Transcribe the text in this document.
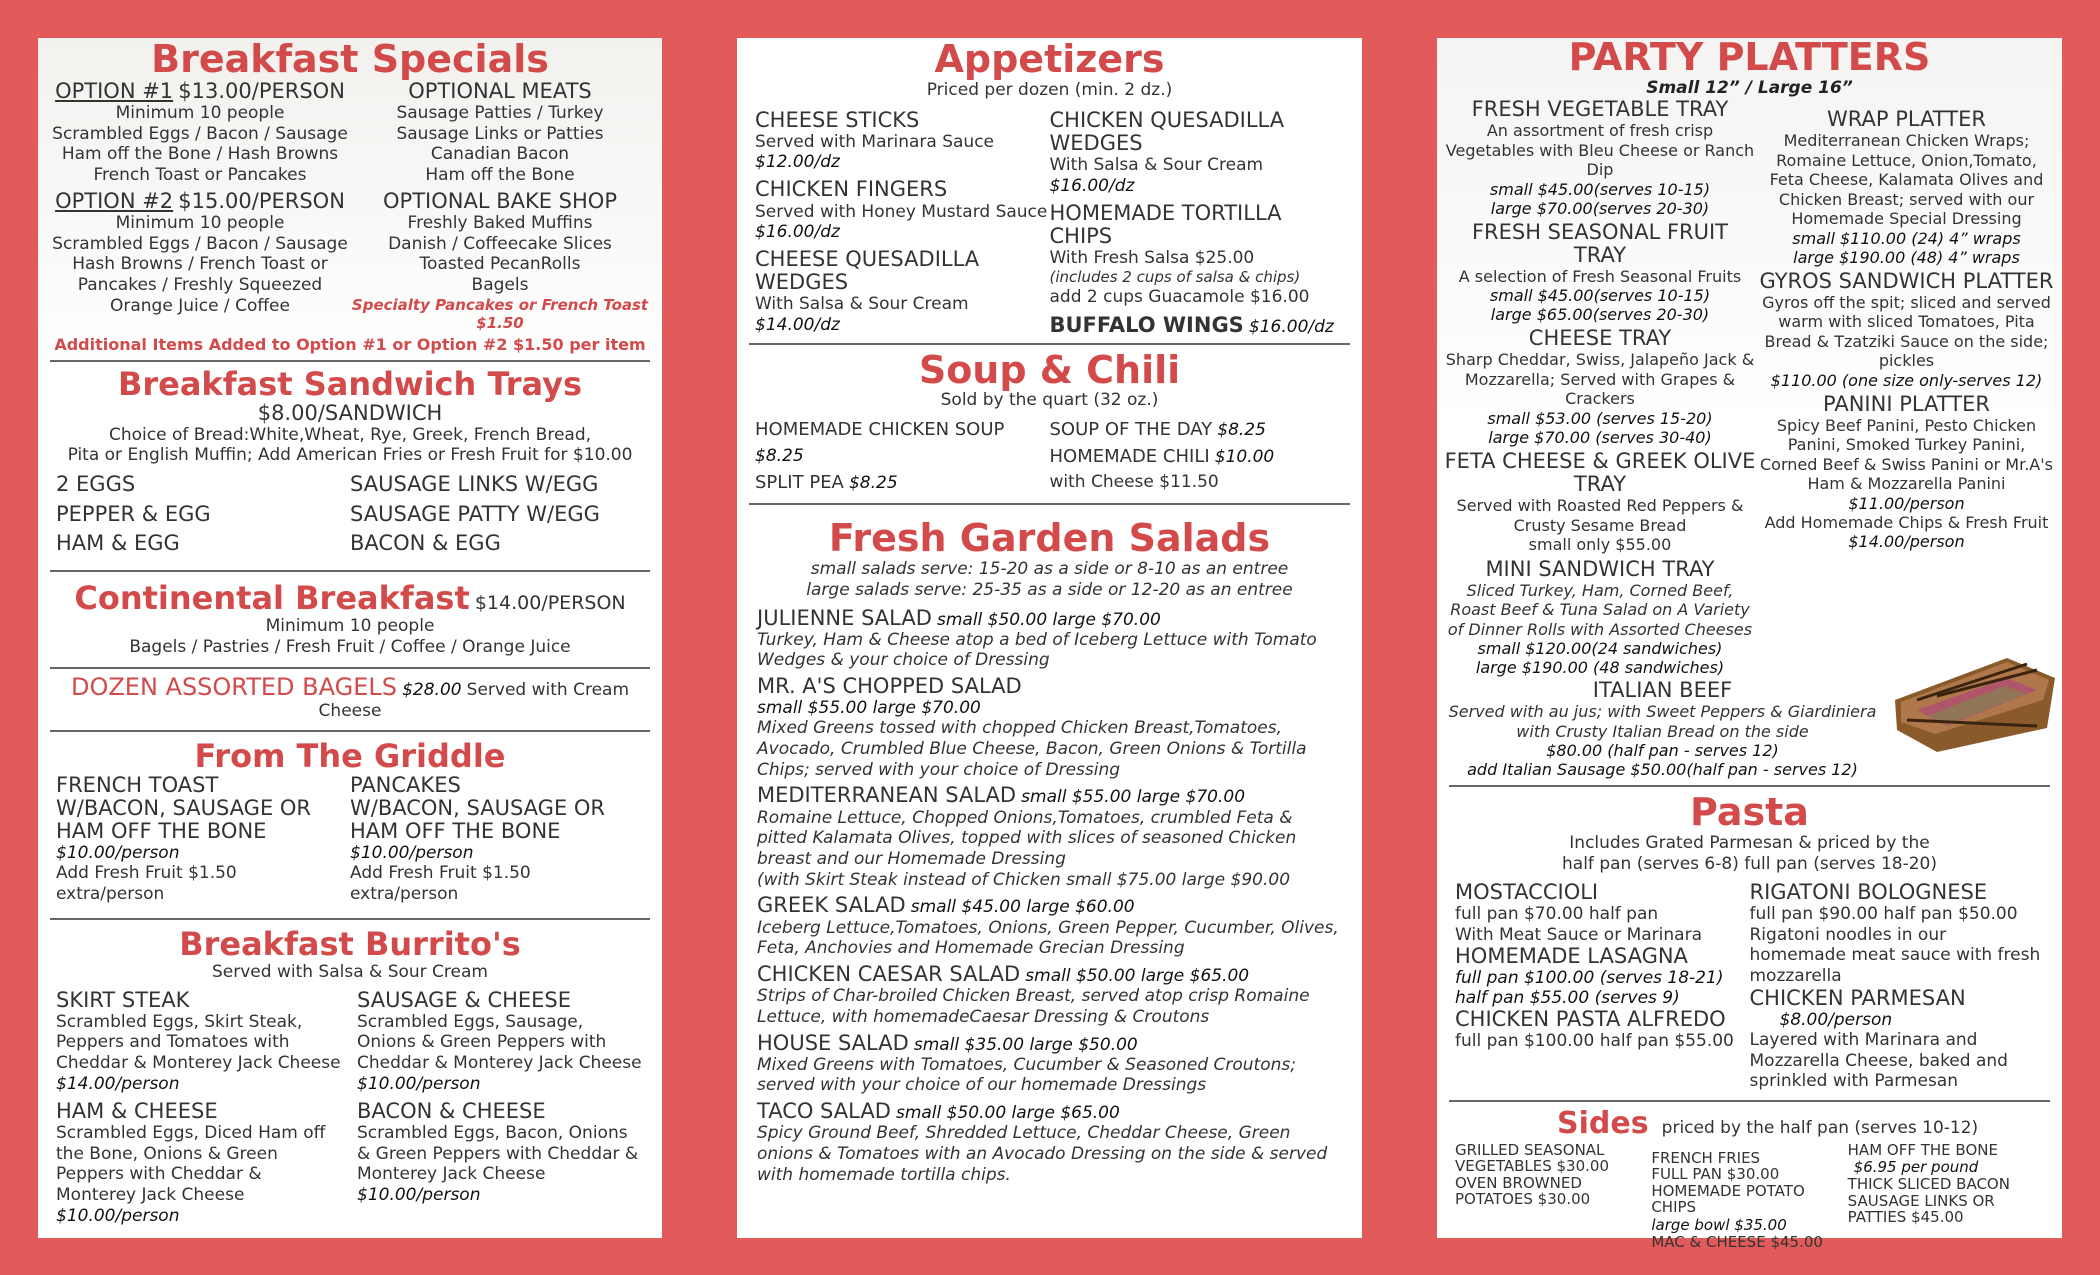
Breakfast Specials
OPTION #1 $13.00/PERSON
Minimum 10 people
Scrambled Eggs / Bacon / Sausage
Ham off the Bone / Hash Browns
French Toast or Pancakes
OPTIONAL MEATS
Sausage Patties / Turkey
Sausage Links or Patties
Canadian Bacon
Ham off the Bone
OPTION #2 $15.00/PERSON
Minimum 10 people
Scrambled Eggs / Bacon / Sausage
Hash Browns / French Toast or
Pancakes / Freshly Squeezed
Orange Juice / Coffee
OPTIONAL BAKE SHOP
Freshly Baked Muffins
Danish / Coffeecake Slices
Toasted PecanRolls
Bagels
Specialty Pancakes or French Toast $1.50
Additional Items Added to Option #1 or Option #2 $1.50 per item
Breakfast Sandwich Trays $8.00/SANDWICH
Choice of Bread:White,Wheat, Rye, Greek, French Bread,
Pita or English Muffin; Add American Fries or Fresh Fruit for $10.00
2 EGGS
PEPPER & EGG
HAM & EGG
SAUSAGE LINKS W/EGG
SAUSAGE PATTY W/EGG
BACON & EGG
Continental Breakfast $14.00/PERSON
Minimum 10 people
Bagels / Pastries / Fresh Fruit / Coffee / Orange Juice
DOZEN ASSORTED BAGELS $28.00 Served with Cream Cheese
From The Griddle
FRENCH TOAST
W/BACON, SAUSAGE OR
HAM OFF THE BONE
$10.00/person
Add Fresh Fruit $1.50 extra/person
PANCAKES
W/BACON, SAUSAGE OR
HAM OFF THE BONE
$10.00/person
Add Fresh Fruit $1.50 extra/person
Breakfast Burrito's
Served with Salsa & Sour Cream
SKIRT STEAK
Scrambled Eggs, Skirt Steak, Peppers and Tomatoes with Cheddar & Monterey Jack Cheese
$14.00/person
SAUSAGE & CHEESE
Scrambled Eggs, Sausage, Onions & Green Peppers with Cheddar & Monterey Jack Cheese
$10.00/person
HAM & CHEESE
Scrambled Eggs, Diced Ham off the Bone, Onions & Green Peppers with Cheddar & Monterey Jack Cheese
$10.00/person
BACON & CHEESE
Scrambled Eggs, Bacon, Onions & Green Peppers with Cheddar & Monterey Jack Cheese
$10.00/person
Appetizers
Priced per dozen (min. 2 dz.)
CHEESE STICKS
Served with Marinara Sauce
$12.00/dz
CHICKEN FINGERS
Served with Honey Mustard Sauce
$16.00/dz
CHEESE QUESADILLA WEDGES
With Salsa & Sour Cream
$14.00/dz
CHICKEN QUESADILLA WEDGES
With Salsa & Sour Cream
$16.00/dz
HOMEMADE TORTILLA CHIPS
With Fresh Salsa $25.00
(includes 2 cups of salsa & chips)
add 2 cups Guacamole $16.00
BUFFALO WINGS $16.00/dz
Soup & Chili
Sold by the quart (32 oz.)
HOMEMADE CHICKEN SOUP $8.25
SPLIT PEA $8.25
SOUP OF THE DAY $8.25
HOMEMADE CHILI $10.00
with Cheese $11.50
Fresh Garden Salads
small salads serve: 15-20 as a side or 8-10 as an entree
large salads serve: 25-35 as a side or 12-20 as an entree
JULIENNE SALAD small $50.00 large $70.00
Turkey, Ham & Cheese atop a bed of Iceberg Lettuce with Tomato Wedges & your choice of Dressing
MR. A'S CHOPPED SALAD
small $55.00 large $70.00
Mixed Greens tossed with chopped Chicken Breast,Tomatoes, Avocado, Crumbled Blue Cheese, Bacon, Green Onions & Tortilla Chips; served with your choice of Dressing
MEDITERRANEAN SALAD small $55.00 large $70.00
Romaine Lettuce, Chopped Onions,Tomatoes, crumbled Feta & pitted Kalamata Olives, topped with slices of seasoned Chicken breast and our Homemade Dressing
(with Skirt Steak instead of Chicken small $75.00 large $90.00
GREEK SALAD small $45.00 large $60.00
Iceberg Lettuce,Tomatoes, Onions, Green Pepper, Cucumber, Olives, Feta, Anchovies and Homemade Grecian Dressing
CHICKEN CAESAR SALAD small $50.00 large $65.00
Strips of Char-broiled Chicken Breast, served atop crisp Romaine Lettuce, with homemadeCaesar Dressing & Croutons
HOUSE SALAD small $35.00 large $50.00
Mixed Greens with Tomatoes, Cucumber & Seasoned Croutons; served with your choice of our homemade Dressings
TACO SALAD small $50.00 large $65.00
Spicy Ground Beef, Shredded Lettuce, Cheddar Cheese, Green onions & Tomatoes with an Avocado Dressing on the side & served with homemade tortilla chips.
PARTY PLATTERS
Small 12” / Large 16”
FRESH VEGETABLE TRAY
An assortment of fresh crisp Vegetables with Bleu Cheese or Ranch Dip
small $45.00(serves 10-15)
large $70.00(serves 20-30)
FRESH SEASONAL FRUIT TRAY
A selection of Fresh Seasonal Fruits
small $45.00(serves 10-15)
large $65.00(serves 20-30)
CHEESE TRAY
Sharp Cheddar, Swiss, Jalapeño Jack & Mozzarella; Served with Grapes & Crackers
small $53.00 (serves 15-20)
large $70.00 (serves 30-40)
FETA CHEESE & GREEK OLIVE TRAY
Served with Roasted Red Peppers & Crusty Sesame Bread
small only $55.00
MINI SANDWICH TRAY
Sliced Turkey, Ham, Corned Beef, Roast Beef & Tuna Salad on A Variety of Dinner Rolls with Assorted Cheeses
small $120.00(24 sandwiches)
large $190.00 (48 sandwiches)
WRAP PLATTER
Mediterranean Chicken Wraps; Romaine Lettuce, Onion,Tomato, Feta Cheese, Kalamata Olives and Chicken Breast; served with our Homemade Special Dressing
small $110.00 (24) 4” wraps
large $190.00 (48) 4” wraps
GYROS SANDWICH PLATTER
Gyros off the spit; sliced and served warm with sliced Tomatoes, Pita Bread & Tzatziki Sauce on the side; pickles
$110.00 (one size only-serves 12)
PANINI PLATTER
Spicy Beef Panini, Pesto Chicken Panini, Smoked Turkey Panini, Corned Beef & Swiss Panini or Mr.A's Ham & Mozzarella Panini
$11.00/person
Add Homemade Chips & Fresh Fruit
$14.00/person
ITALIAN BEEF
Served with au jus; with Sweet Peppers & Giardiniera with Crusty Italian Bread on the side
$80.00 (half pan - serves 12)
add Italian Sausage $50.00(half pan - serves 12)
Pasta
Includes Grated Parmesan & priced by the
half pan (serves 6-8) full pan (serves 18-20)
MOSTACCIOLI
full pan $70.00 half pan
With Meat Sauce or Marinara
HOMEMADE LASAGNA
full pan $100.00 (serves 18-21)
half pan $55.00 (serves 9)
CHICKEN PASTA ALFREDO
full pan $100.00 half pan $55.00
RIGATONI BOLOGNESE
full pan $90.00 half pan $50.00
Rigatoni noodles in our homemade meat sauce with fresh mozzarella
CHICKEN PARMESAN
$8.00/person
Layered with Marinara and Mozzarella Cheese, baked and sprinkled with Parmesan
Sides priced by the half pan (serves 10-12)
GRILLED SEASONAL
VEGETABLES $30.00
OVEN BROWNED
POTATOES $30.00
FRENCH FRIES
FULL PAN $30.00
HOMEMADE POTATO CHIPS
large bowl $35.00
MAC & CHEESE $45.00
HAM OFF THE BONE
$6.95 per pound
THICK SLICED BACON
SAUSAGE LINKS OR
PATTIES $45.00
